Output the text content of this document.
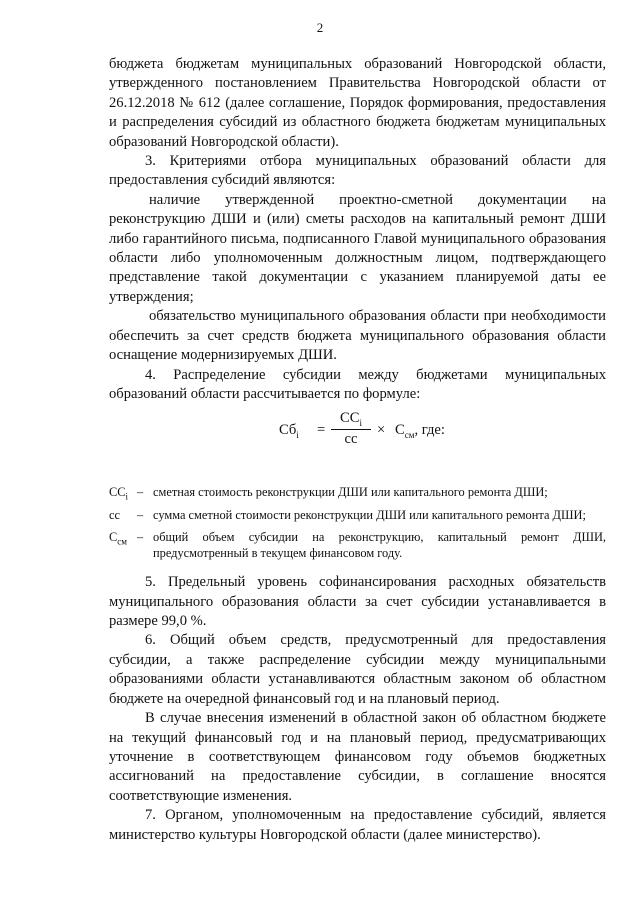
2

бюджета бюджетам муниципальных образований Новгородской области, утвержденного постановлением Правительства Новгородской области от 26.12.2018 № 612 (далее соглашение, Порядок формирования, предоставления и распределения субсидий из областного бюджета бюджетам муниципальных образований Новгородской области).

3. Критериями отбора муниципальных образований области для предоставления субсидий являются:

наличие утвержденной проектно-сметной документации на реконструкцию ДШИ и (или) сметы расходов на капитальный ремонт ДШИ либо гарантийного письма, подписанного Главой муниципального образования области либо уполномоченным должностным лицом, подтверждающего представление такой документации с указанием планируемой даты ее утверждения;

обязательство муниципального образования области при необходимости обеспечить за счет средств бюджета муниципального образования области оснащение модернизируемых ДШИ.

4. Распределение субсидии между бюджетами муниципальных образований области рассчитывается по формуле:

$Сб_i$ =
$СС_i$
сс
× $С_{см}$, где:
$СС_i$ – сметная стоимость реконструкции ДШИ или капитального ремонта ДШИ;
сс	– сумма сметной стоимости реконструкции ДШИ или капитального ремонта ДШИ;
$С_{см}$ – общий объем субсидии на реконструкцию, капитальный ремонт ДШИ, предусмотренный в текущем финансовом году.

5. Предельный уровень софинансирования расходных обязательств муниципального образования области за счет субсидии устанавливается в размере 99,0 %.

6. Общий объем средств, предусмотренный для предоставления субсидии, а также распределение субсидии между муниципальными образованиями области устанавливаются областным законом об областном бюджете на очередной финансовый год и на плановый период.

В случае внесения изменений в областной закон об областном бюджете на текущий финансовый год и на плановый период, предусматривающих уточнение в соответствующем финансовом году объемов бюджетных ассигнований на предоставление субсидии, в соглашение вносятся соответствующие изменения.

7. Органом, уполномоченным на предоставление субсидий, является министерство культуры Новгородской области (далее министерство).
